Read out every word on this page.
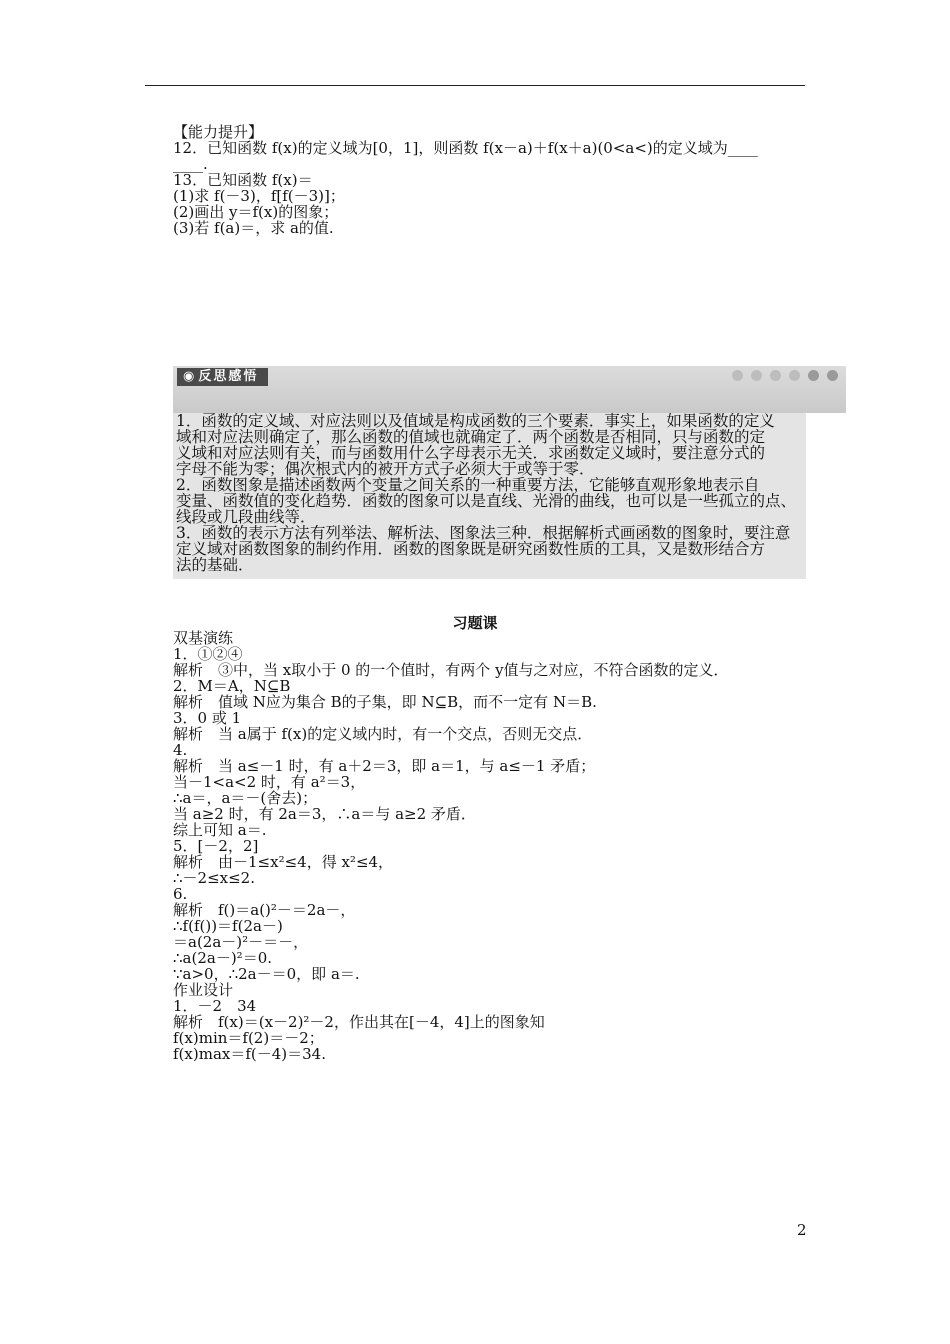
【能力提升】
12．已知函数 f(x)的定义域为[0，1]，则函数 f(x－a)＋f(x＋a)(0<a<)的定义域为____
____.
13．已知函数 f(x)＝
(1)求 f(－3)，f[f(－3)]；
(2)画出 y＝f(x)的图象；
(3)若 f(a)＝，求 a的值.
◉ 反思感悟
1．函数的定义域、对应法则以及值域是构成函数的三个要素．事实上，如果函数的定义
域和对应法则确定了，那么函数的值域也就确定了．两个函数是否相同，只与函数的定
义域和对应法则有关，而与函数用什么字母表示无关．求函数定义域时，要注意分式的
字母不能为零；偶次根式内的被开方式子必须大于或等于零．
2．函数图象是描述函数两个变量之间关系的一种重要方法，它能够直观形象地表示自
变量、函数值的变化趋势．函数的图象可以是直线、光滑的曲线，也可以是一些孤立的点、
线段或几段曲线等．
3．函数的表示方法有列举法、解析法、图象法三种．根据解析式画函数的图象时，要注意
定义域对函数图象的制约作用．函数的图象既是研究函数性质的工具，又是数形结合方
法的基础．
习题课
双基演练
1．①②④
解析　③中，当 x取小于 0 的一个值时，有两个 y值与之对应，不符合函数的定义．
2．M＝A，N⊆B
解析　值域 N应为集合 B的子集，即 N⊆B，而不一定有 N＝B.
3．0 或 1
解析　当 a属于 f(x)的定义域内时，有一个交点，否则无交点．
4.
解析　当 a≤－1 时，有 a＋2＝3，即 a＝1，与 a≤－1 矛盾；
当－1<a<2 时，有 a²＝3，
∴a＝，a＝－(舍去)；
当 a≥2 时，有 2a＝3，∴a＝与 a≥2 矛盾．
综上可知 a＝.
5．[－2，2]
解析　由－1≤x²≤4，得 x²≤4，
∴－2≤x≤2.
6.
解析　f()＝a()²－＝2a－，
∴f(f())＝f(2a－)
＝a(2a－)²－＝－，
∴a(2a－)²＝0.
∵a>0，∴2a－＝0，即 a＝.
作业设计
1．－2　34
解析　f(x)＝(x－2)²－2，作出其在[－4，4]上的图象知
f(x)min＝f(2)＝－2；
f(x)max＝f(－4)＝34.
2
